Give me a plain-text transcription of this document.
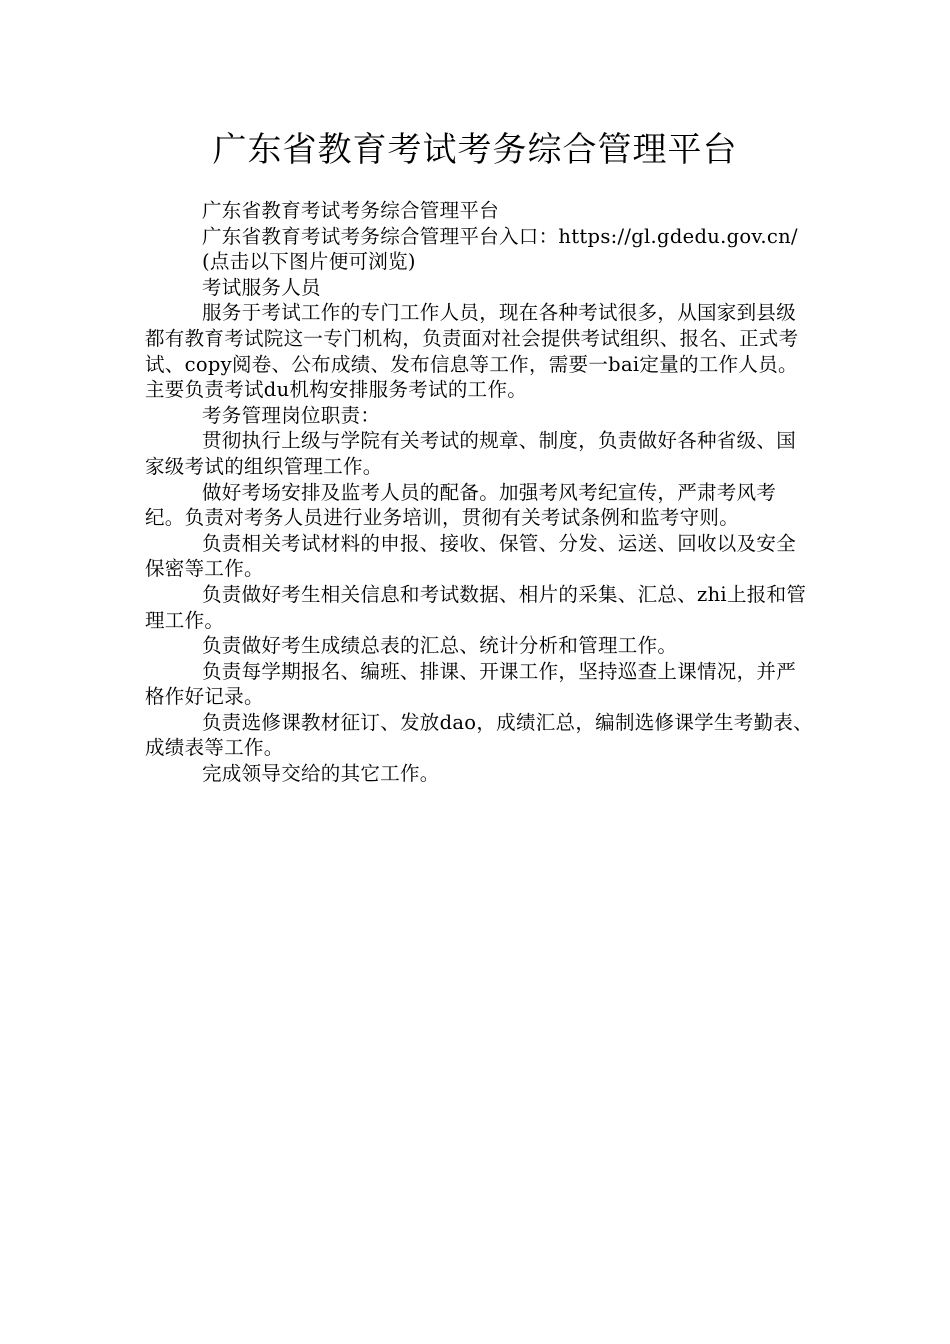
广东省教育考试考务综合管理平台

广东省教育考试考务综合管理平台

广东省教育考试考务综合管理平台入口：https://gl.gdedu.gov.cn/

(点击以下图片便可浏览)

考试服务人员

服务于考试工作的专门工作人员，现在各种考试很多，从国家到县级都有教育考试院这一专门机构，负责面对社会提供考试组织、报名、正式考试、copy阅卷、公布成绩、发布信息等工作，需要一bai定量的工作人员。主要负责考试du机构安排服务考试的工作。

考务管理岗位职责：

贯彻执行上级与学院有关考试的规章、制度，负责做好各种省级、国家级考试的组织管理工作。

做好考场安排及监考人员的配备。加强考风考纪宣传，严肃考风考纪。负责对考务人员进行业务培训，贯彻有关考试条例和监考守则。

负责相关考试材料的申报、接收、保管、分发、运送、回收以及安全保密等工作。

负责做好考生相关信息和考试数据、相片的采集、汇总、zhi上报和管理工作。

负责做好考生成绩总表的汇总、统计分析和管理工作。

负责每学期报名、编班、排课、开课工作，坚持巡查上课情况，并严格作好记录。

负责选修课教材征订、发放dao，成绩汇总，编制选修课学生考勤表、成绩表等工作。

完成领导交给的其它工作。
